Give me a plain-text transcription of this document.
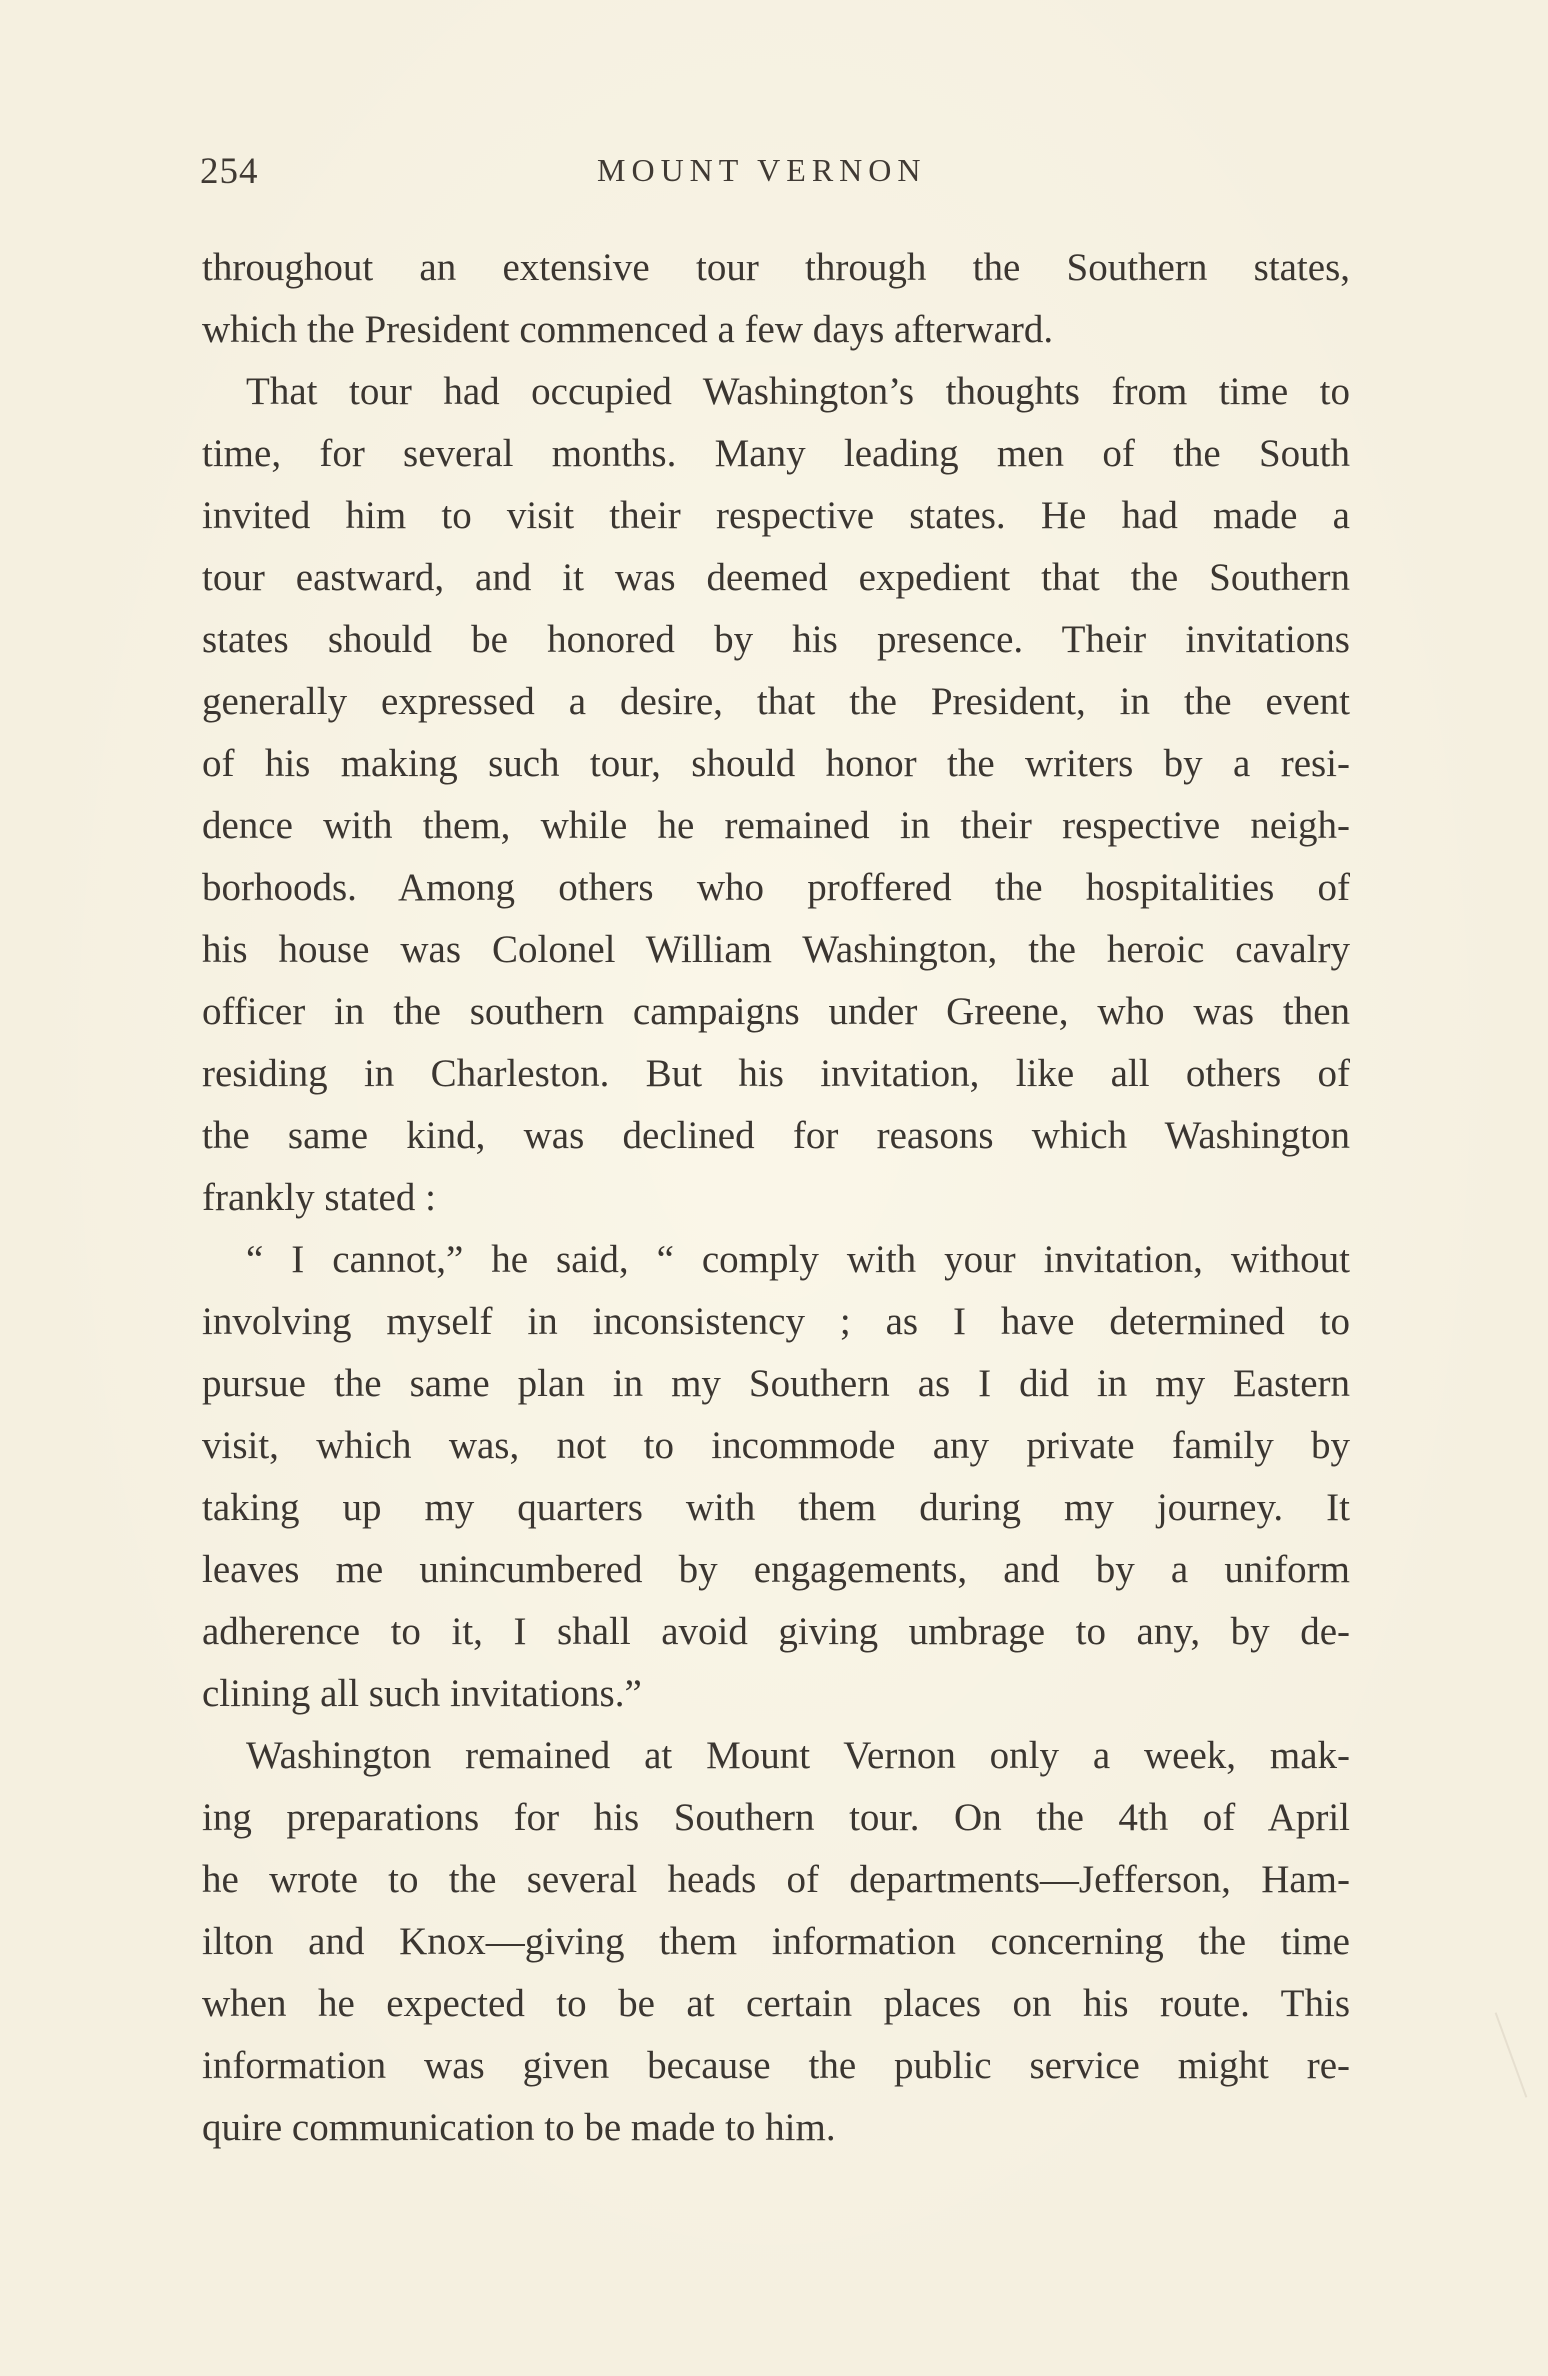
254	MOUNT VERNON
throughout an extensive tour through the Southern states,
which the President commenced a few days afterward.
That tour had occupied Washington’s thoughts from time to
time, for several months. Many leading men of the South
invited him to visit their respective states. He had made a
tour eastward, and it was deemed expedient that the Southern
states should be honored by his presence. Their invitations
generally expressed a desire, that the President, in the event
of his making such tour, should honor the writers by a resi-
dence with them, while he remained in their respective neigh-
borhoods. Among others who proffered the hospitalities of
his house was Colonel William Washington, the heroic cavalry
officer in the southern campaigns under Greene, who was then
residing in Charleston. But his invitation, like all others of
the same kind, was declined for reasons which Washington
frankly stated :
“ I cannot,” he said, “ comply with your invitation, without
involving myself in inconsistency ; as I have determined to
pursue the same plan in my Southern as I did in my Eastern
visit, which was, not to incommode any private family by
taking up my quarters with them during my journey. It
leaves me unincumbered by engagements, and by a uniform
adherence to it, I shall avoid giving umbrage to any, by de-
clining all such invitations.”
Washington remained at Mount Vernon only a week, mak-
ing preparations for his Southern tour. On the 4th of April
he wrote to the several heads of departments—Jefferson, Ham-
ilton and Knox—giving them information concerning the time
when he expected to be at certain places on his route. This
information was given because the public service might re-
quire communication to be made to him.
